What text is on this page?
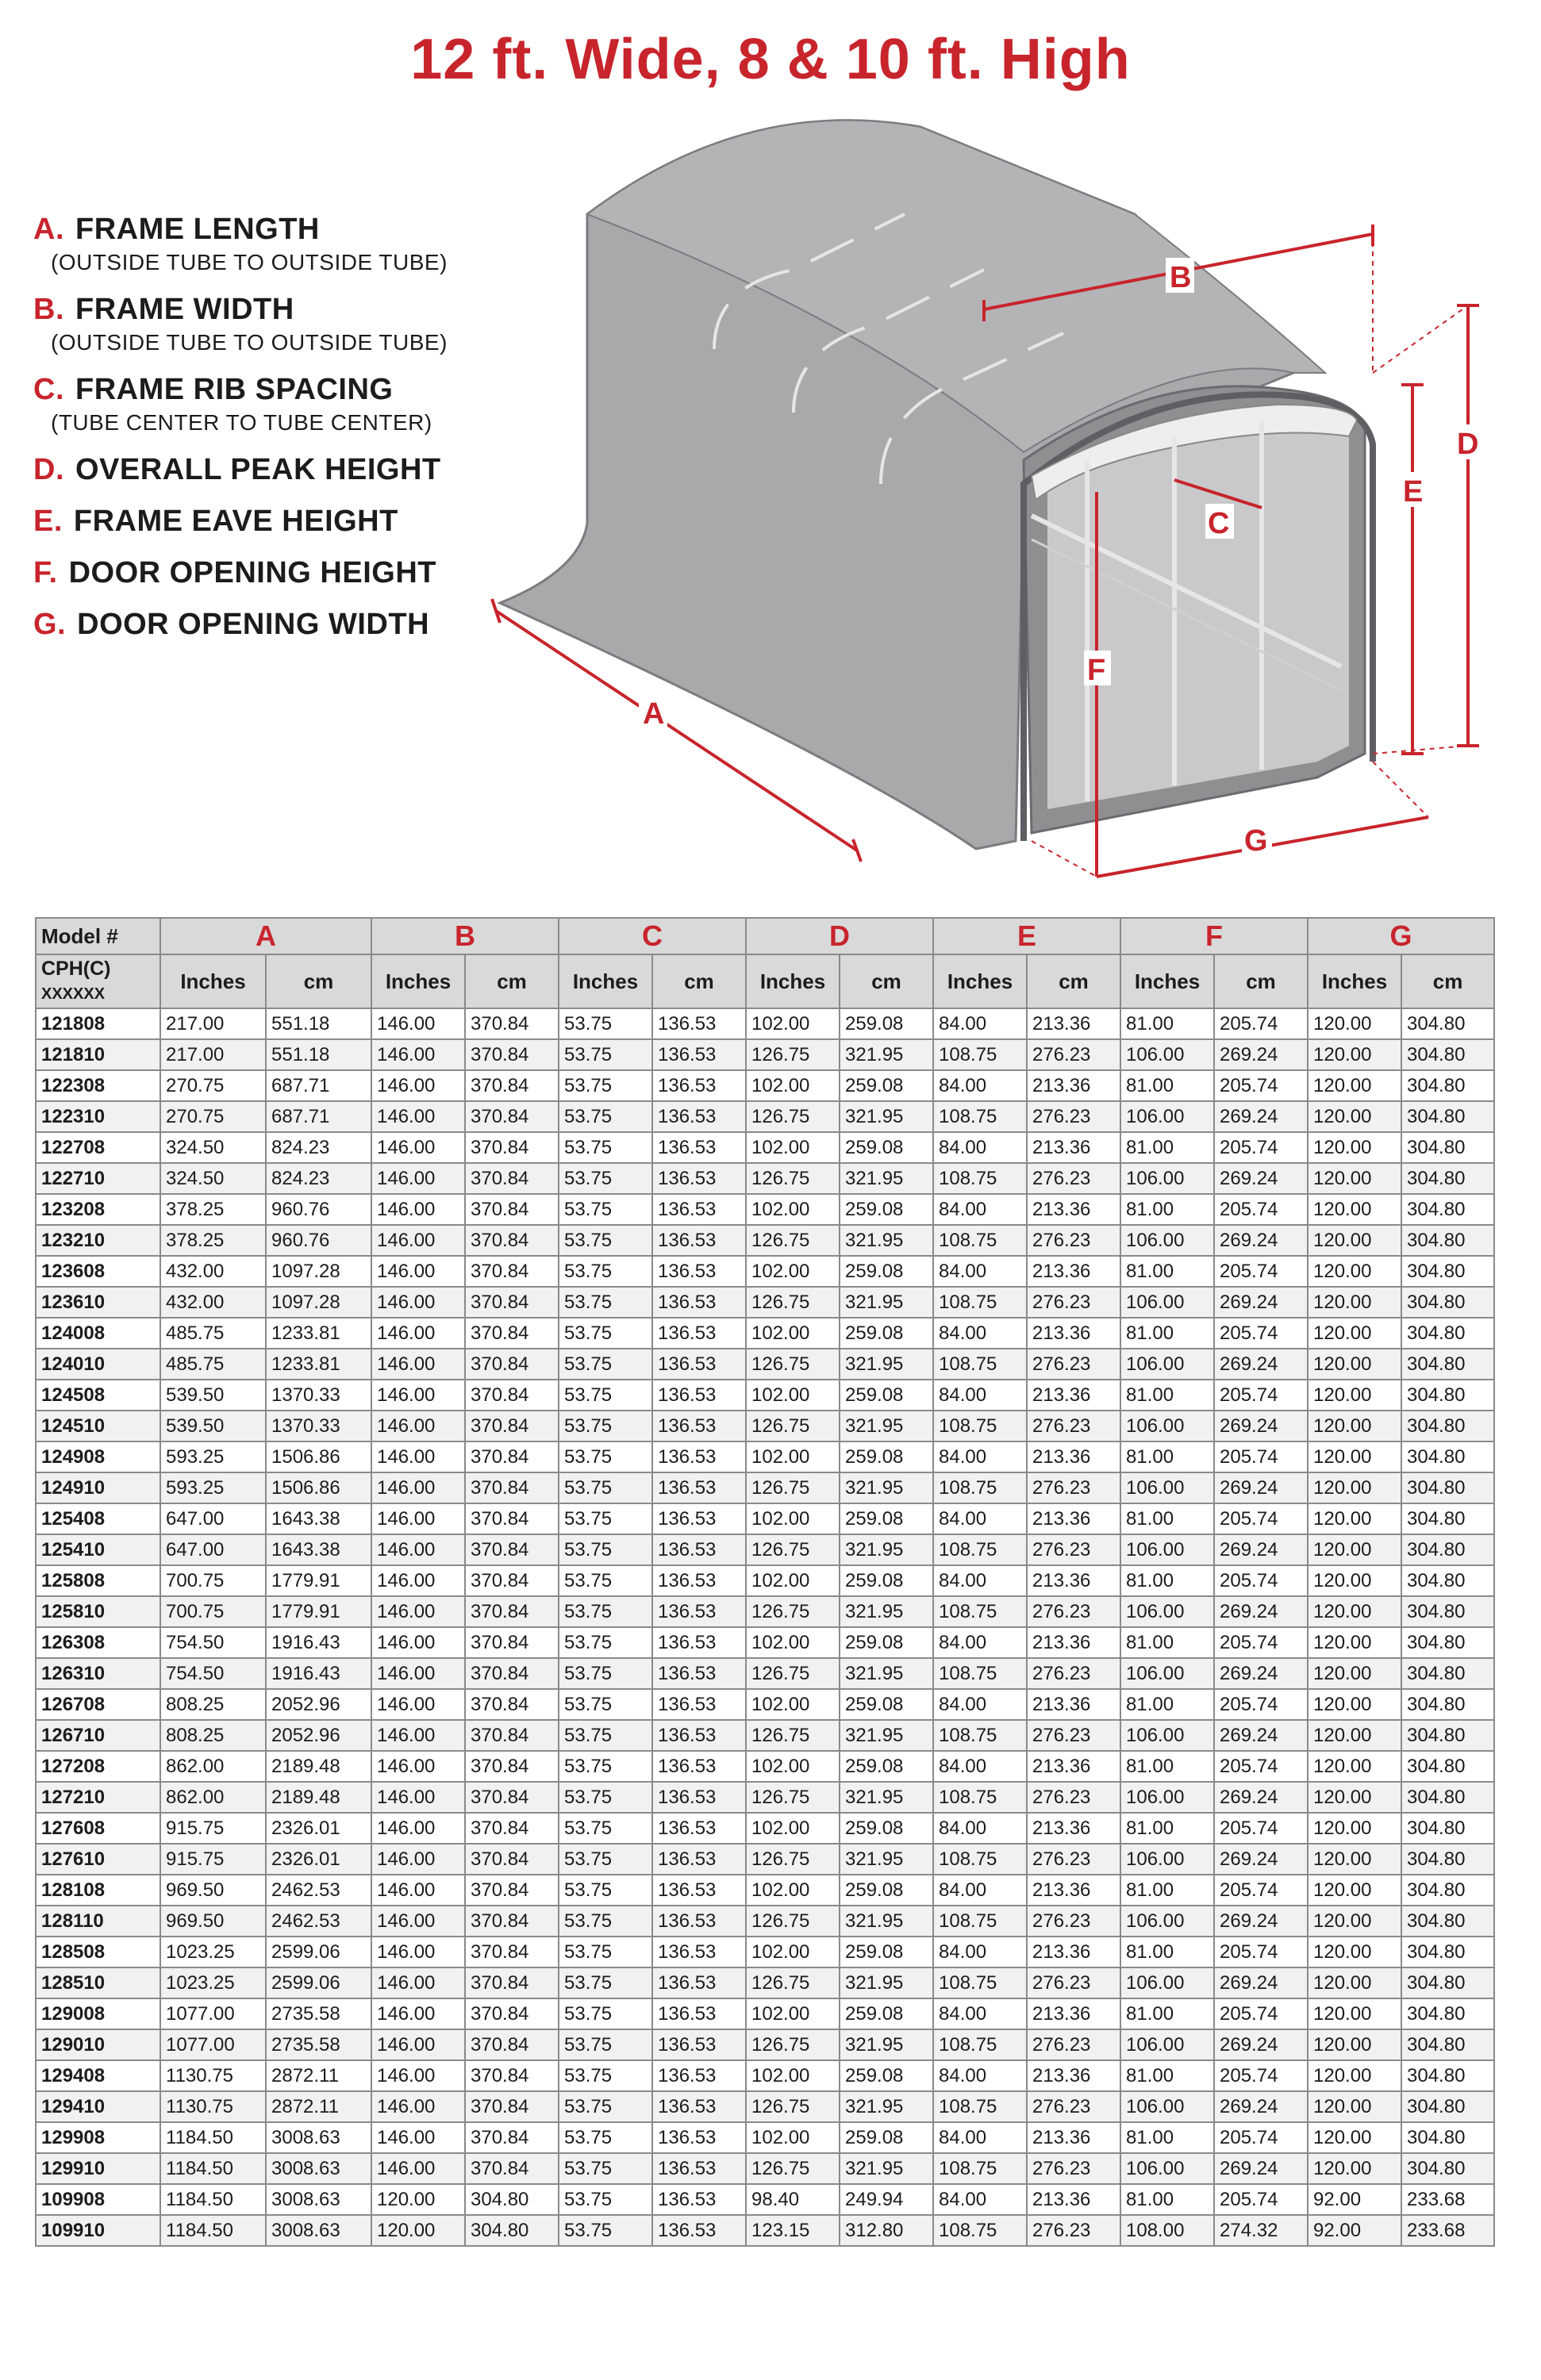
12 ft. Wide, 8 & 10 ft. High
A. FRAME LENGTH
(OUTSIDE TUBE TO OUTSIDE TUBE)
B. FRAME WIDTH
(OUTSIDE TUBE TO OUTSIDE TUBE)
C. FRAME RIB SPACING
(TUBE CENTER TO TUBE CENTER)
D. OVERALL PEAK HEIGHT
E. FRAME EAVE HEIGHT
F. DOOR OPENING HEIGHT
G. DOOR OPENING WIDTH
A
B
C
D
E
F
G
Model #	A		B		C		D		E		F		G	
CPH(C)
XXXXXX	Inches	cm	Inches	cm	Inches	cm	Inches	cm	Inches	cm	Inches	cm	Inches	cm
121808	217.00	551.18	146.00	370.84	53.75	136.53	102.00	259.08	84.00	213.36	81.00	205.74	120.00	304.80
121810	217.00	551.18	146.00	370.84	53.75	136.53	126.75	321.95	108.75	276.23	106.00	269.24	120.00	304.80
122308	270.75	687.71	146.00	370.84	53.75	136.53	102.00	259.08	84.00	213.36	81.00	205.74	120.00	304.80
122310	270.75	687.71	146.00	370.84	53.75	136.53	126.75	321.95	108.75	276.23	106.00	269.24	120.00	304.80
122708	324.50	824.23	146.00	370.84	53.75	136.53	102.00	259.08	84.00	213.36	81.00	205.74	120.00	304.80
122710	324.50	824.23	146.00	370.84	53.75	136.53	126.75	321.95	108.75	276.23	106.00	269.24	120.00	304.80
123208	378.25	960.76	146.00	370.84	53.75	136.53	102.00	259.08	84.00	213.36	81.00	205.74	120.00	304.80
123210	378.25	960.76	146.00	370.84	53.75	136.53	126.75	321.95	108.75	276.23	106.00	269.24	120.00	304.80
123608	432.00	1097.28	146.00	370.84	53.75	136.53	102.00	259.08	84.00	213.36	81.00	205.74	120.00	304.80
123610	432.00	1097.28	146.00	370.84	53.75	136.53	126.75	321.95	108.75	276.23	106.00	269.24	120.00	304.80
124008	485.75	1233.81	146.00	370.84	53.75	136.53	102.00	259.08	84.00	213.36	81.00	205.74	120.00	304.80
124010	485.75	1233.81	146.00	370.84	53.75	136.53	126.75	321.95	108.75	276.23	106.00	269.24	120.00	304.80
124508	539.50	1370.33	146.00	370.84	53.75	136.53	102.00	259.08	84.00	213.36	81.00	205.74	120.00	304.80
124510	539.50	1370.33	146.00	370.84	53.75	136.53	126.75	321.95	108.75	276.23	106.00	269.24	120.00	304.80
124908	593.25	1506.86	146.00	370.84	53.75	136.53	102.00	259.08	84.00	213.36	81.00	205.74	120.00	304.80
124910	593.25	1506.86	146.00	370.84	53.75	136.53	126.75	321.95	108.75	276.23	106.00	269.24	120.00	304.80
125408	647.00	1643.38	146.00	370.84	53.75	136.53	102.00	259.08	84.00	213.36	81.00	205.74	120.00	304.80
125410	647.00	1643.38	146.00	370.84	53.75	136.53	126.75	321.95	108.75	276.23	106.00	269.24	120.00	304.80
125808	700.75	1779.91	146.00	370.84	53.75	136.53	102.00	259.08	84.00	213.36	81.00	205.74	120.00	304.80
125810	700.75	1779.91	146.00	370.84	53.75	136.53	126.75	321.95	108.75	276.23	106.00	269.24	120.00	304.80
126308	754.50	1916.43	146.00	370.84	53.75	136.53	102.00	259.08	84.00	213.36	81.00	205.74	120.00	304.80
126310	754.50	1916.43	146.00	370.84	53.75	136.53	126.75	321.95	108.75	276.23	106.00	269.24	120.00	304.80
126708	808.25	2052.96	146.00	370.84	53.75	136.53	102.00	259.08	84.00	213.36	81.00	205.74	120.00	304.80
126710	808.25	2052.96	146.00	370.84	53.75	136.53	126.75	321.95	108.75	276.23	106.00	269.24	120.00	304.80
127208	862.00	2189.48	146.00	370.84	53.75	136.53	102.00	259.08	84.00	213.36	81.00	205.74	120.00	304.80
127210	862.00	2189.48	146.00	370.84	53.75	136.53	126.75	321.95	108.75	276.23	106.00	269.24	120.00	304.80
127608	915.75	2326.01	146.00	370.84	53.75	136.53	102.00	259.08	84.00	213.36	81.00	205.74	120.00	304.80
127610	915.75	2326.01	146.00	370.84	53.75	136.53	126.75	321.95	108.75	276.23	106.00	269.24	120.00	304.80
128108	969.50	2462.53	146.00	370.84	53.75	136.53	102.00	259.08	84.00	213.36	81.00	205.74	120.00	304.80
128110	969.50	2462.53	146.00	370.84	53.75	136.53	126.75	321.95	108.75	276.23	106.00	269.24	120.00	304.80
128508	1023.25	2599.06	146.00	370.84	53.75	136.53	102.00	259.08	84.00	213.36	81.00	205.74	120.00	304.80
128510	1023.25	2599.06	146.00	370.84	53.75	136.53	126.75	321.95	108.75	276.23	106.00	269.24	120.00	304.80
129008	1077.00	2735.58	146.00	370.84	53.75	136.53	102.00	259.08	84.00	213.36	81.00	205.74	120.00	304.80
129010	1077.00	2735.58	146.00	370.84	53.75	136.53	126.75	321.95	108.75	276.23	106.00	269.24	120.00	304.80
129408	1130.75	2872.11	146.00	370.84	53.75	136.53	102.00	259.08	84.00	213.36	81.00	205.74	120.00	304.80
129410	1130.75	2872.11	146.00	370.84	53.75	136.53	126.75	321.95	108.75	276.23	106.00	269.24	120.00	304.80
129908	1184.50	3008.63	146.00	370.84	53.75	136.53	102.00	259.08	84.00	213.36	81.00	205.74	120.00	304.80
129910	1184.50	3008.63	146.00	370.84	53.75	136.53	126.75	321.95	108.75	276.23	106.00	269.24	120.00	304.80
109908	1184.50	3008.63	120.00	304.80	53.75	136.53	98.40	249.94	84.00	213.36	81.00	205.74	92.00	233.68
109910	1184.50	3008.63	120.00	304.80	53.75	136.53	123.15	312.80	108.75	276.23	108.00	274.32	92.00	233.68
